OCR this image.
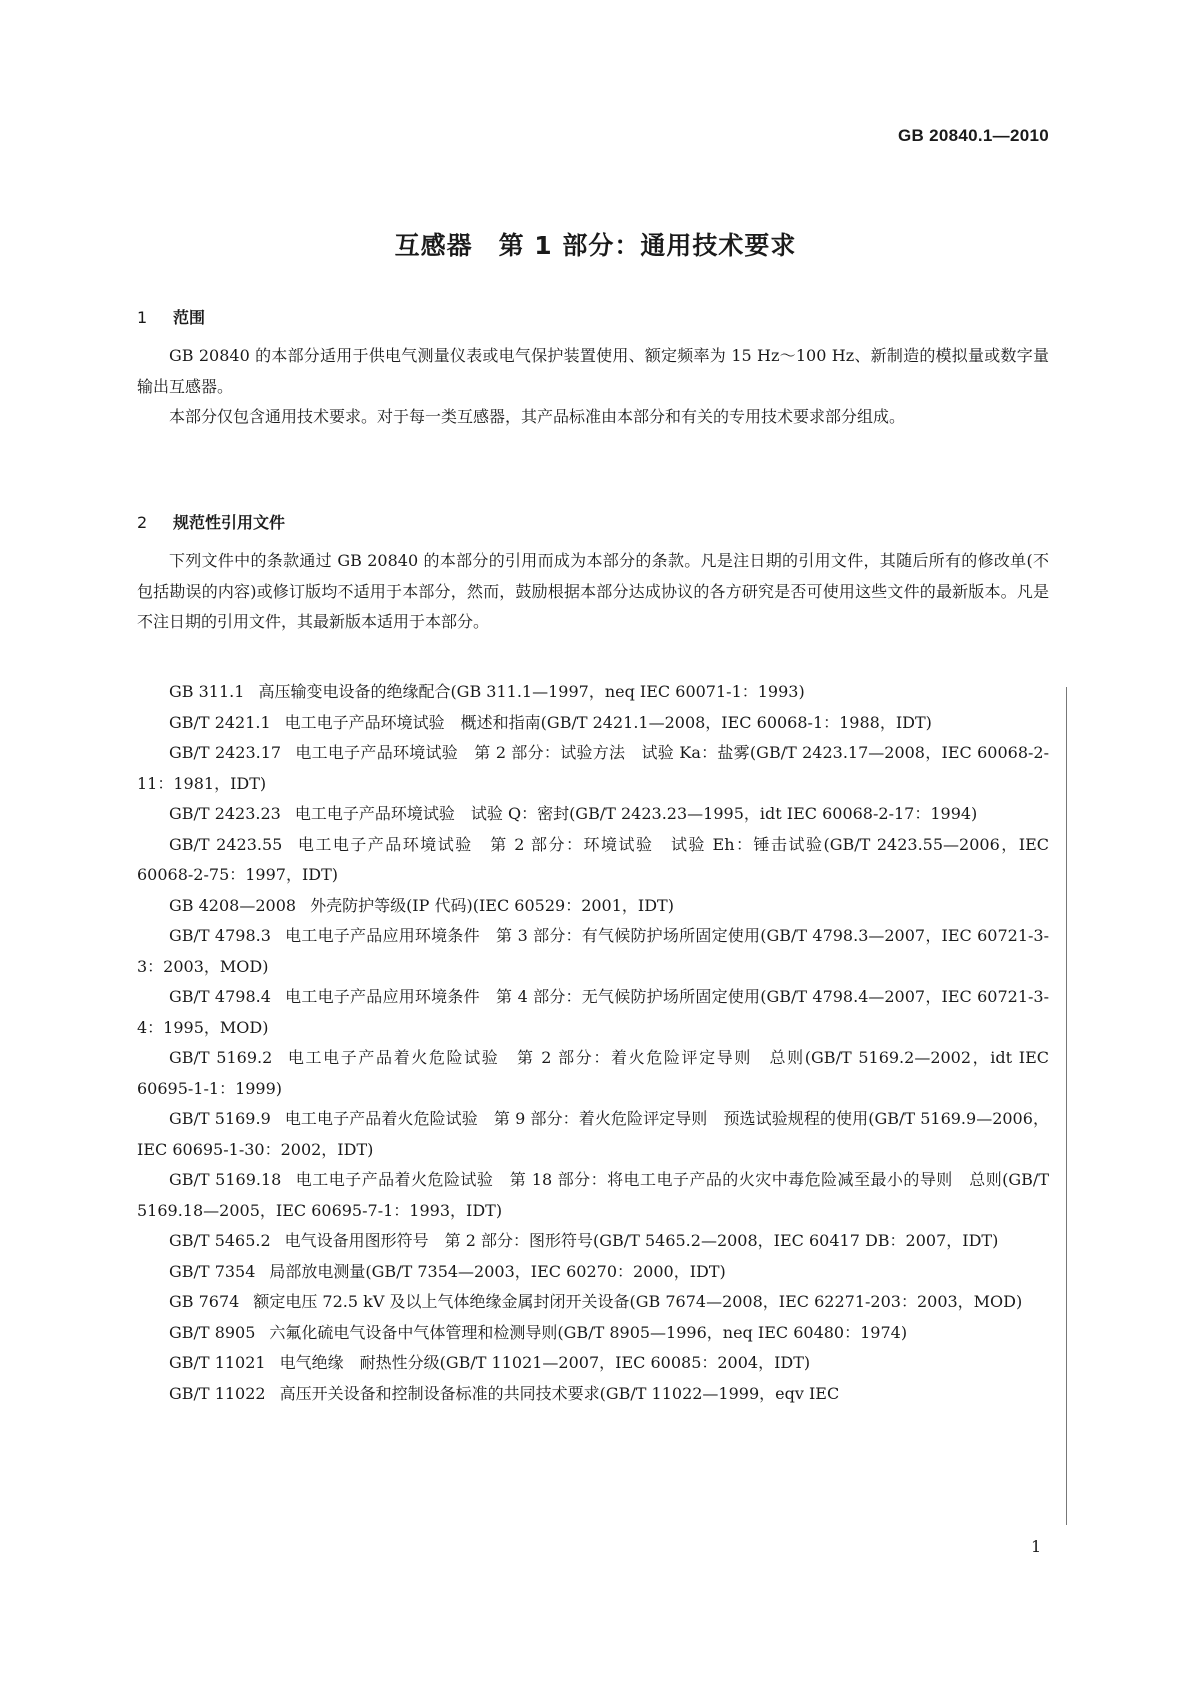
GB 20840.1—2010
互感器　第 1 部分：通用技术要求
1 范围

GB 20840 的本部分适用于供电气测量仪表或电气保护装置使用、额定频率为 15 Hz～100 Hz、新制造的模拟量或数字量输出互感器。

本部分仅包含通用技术要求。对于每一类互感器，其产品标准由本部分和有关的专用技术要求部分组成。

2 规范性引用文件

下列文件中的条款通过 GB 20840 的本部分的引用而成为本部分的条款。凡是注日期的引用文件，其随后所有的修改单(不包括勘误的内容)或修订版均不适用于本部分，然而，鼓励根据本部分达成协议的各方研究是否可使用这些文件的最新版本。凡是不注日期的引用文件，其最新版本适用于本部分。

GB 311.1 高压输变电设备的绝缘配合(GB 311.1—1997，neq IEC 60071-1：1993)

GB/T 2421.1 电工电子产品环境试验　概述和指南(GB/T 2421.1—2008，IEC 60068-1：1988，IDT)

GB/T 2423.17 电工电子产品环境试验　第 2 部分：试验方法　试验 Ka：盐雾(GB/T 2423.17—2008，IEC 60068-2-11：1981，IDT)

GB/T 2423.23 电工电子产品环境试验　试验 Q：密封(GB/T 2423.23—1995，idt IEC 60068-2-17：1994)

GB/T 2423.55 电工电子产品环境试验　第 2 部分：环境试验　试验 Eh：锤击试验(GB/T 2423.55—2006，IEC 60068-2-75：1997，IDT)

GB 4208—2008 外壳防护等级(IP 代码)(IEC 60529：2001，IDT)

GB/T 4798.3 电工电子产品应用环境条件　第 3 部分：有气候防护场所固定使用(GB/T 4798.3—2007，IEC 60721-3-3：2003，MOD)

GB/T 4798.4 电工电子产品应用环境条件　第 4 部分：无气候防护场所固定使用(GB/T 4798.4—2007，IEC 60721-3-4：1995，MOD)

GB/T 5169.2 电工电子产品着火危险试验　第 2 部分：着火危险评定导则　总则(GB/T 5169.2—2002，idt IEC 60695-1-1：1999)

GB/T 5169.9 电工电子产品着火危险试验　第 9 部分：着火危险评定导则　预选试验规程的使用(GB/T 5169.9—2006，IEC 60695-1-30：2002，IDT)

GB/T 5169.18 电工电子产品着火危险试验　第 18 部分：将电工电子产品的火灾中毒危险减至最小的导则　总则(GB/T 5169.18—2005，IEC 60695-7-1：1993，IDT)

GB/T 5465.2 电气设备用图形符号　第 2 部分：图形符号(GB/T 5465.2—2008，IEC 60417 DB：2007，IDT)

GB/T 7354 局部放电测量(GB/T 7354—2003，IEC 60270：2000，IDT)

GB 7674 额定电压 72.5 kV 及以上气体绝缘金属封闭开关设备(GB 7674—2008，IEC 62271-203：2003，MOD)

GB/T 8905 六氟化硫电气设备中气体管理和检测导则(GB/T 8905—1996，neq IEC 60480：1974)

GB/T 11021 电气绝缘　耐热性分级(GB/T 11021—2007，IEC 60085：2004，IDT)

GB/T 11022 高压开关设备和控制设备标准的共同技术要求(GB/T 11022—1999，eqv IEC

1
